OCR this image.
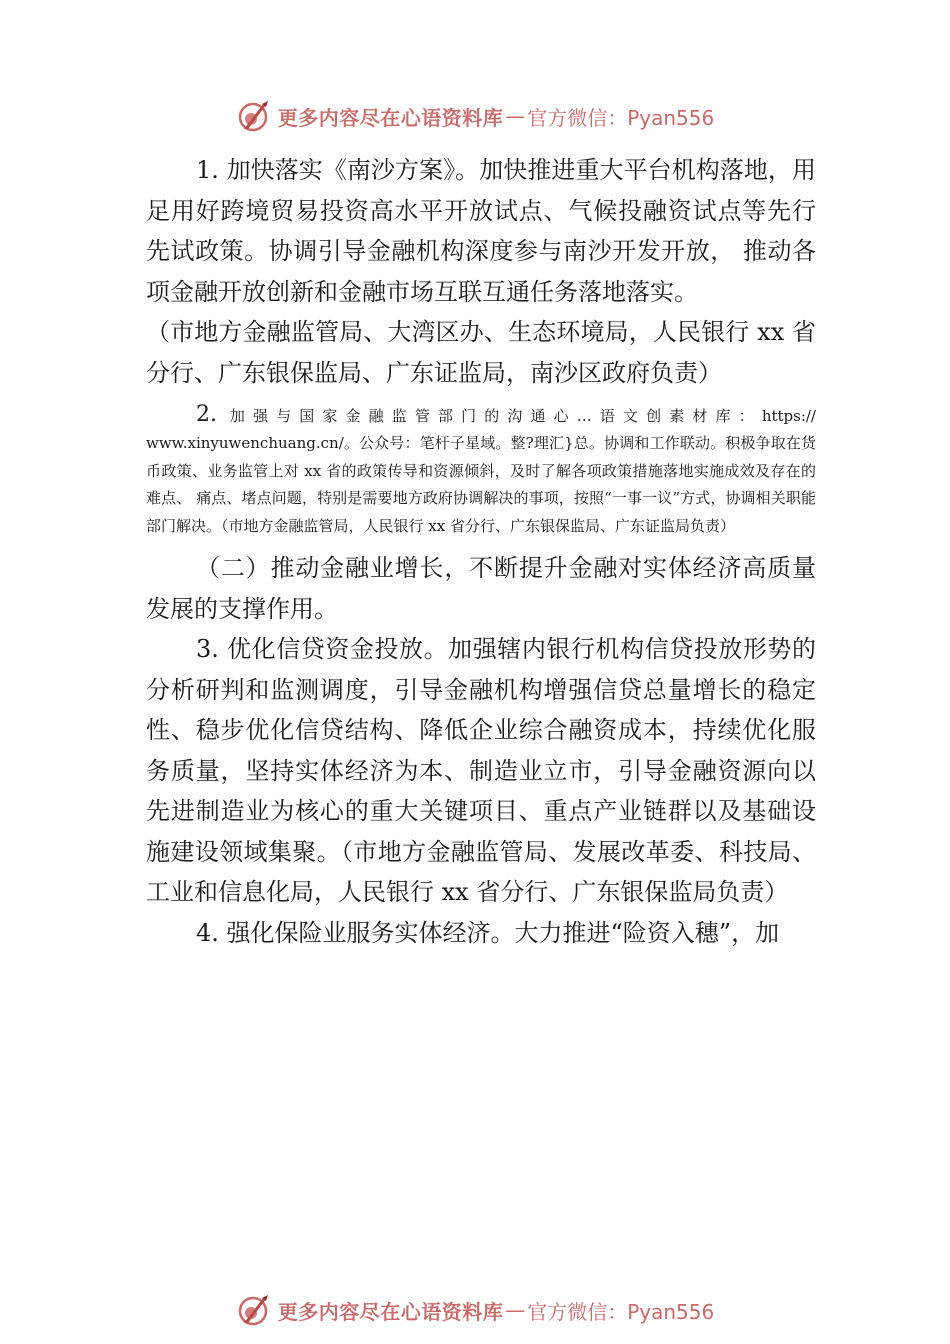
更多内容尽在心语资料库 — 官方微信：Pyan556

1. 加快落实《南沙方案》。加快推进重大平台机构落地，用足用好跨境贸易投资高水平开放试点、气候投融资试点等先行先试政策。协调引导金融机构深度参与南沙开发开放， 推动各项金融开放创新和金融市场互联互通任务落地落实。

（市地方金融监管局、大湾区办、生态环境局，人民银行 xx 省分行、广东银保监局、广东证监局，南沙区政府负责）

2. 加强与国家金融监管部门的沟通心…语文创素材库：https:// www.xinyuwenchuang.cn/。公众号：笔杆子星域。整?理汇}总。协调和工作联动。积极争取在货币政策、业务监管上对 xx 省的政策传导和资源倾斜，及时了解各项政策措施落地实施成效及存在的难点、 痛点、堵点问题，特别是需要地方政府协调解决的事项，按照“一事一议”方式，协调相关职能部门解决。（市地方金融监管局，人民银行 xx 省分行、广东银保监局、广东证监局负责）

（二）推动金融业增长，不断提升金融对实体经济高质量发展的支撑作用。

3. 优化信贷资金投放。加强辖内银行机构信贷投放形势的分析研判和监测调度，引导金融机构增强信贷总量增长的稳定性、稳步优化信贷结构、降低企业综合融资成本，持续优化服务质量，坚持实体经济为本、制造业立市，引导金融资源向以先进制造业为核心的重大关键项目、重点产业链群以及基础设施建设领域集聚。（市地方金融监管局、发展改革委、科技局、工业和信息化局，人民银行 xx 省分行、广东银保监局负责）

4. 强化保险业服务实体经济。大力推进“险资入穗”，加

更多内容尽在心语资料库 — 官方微信：Pyan556
